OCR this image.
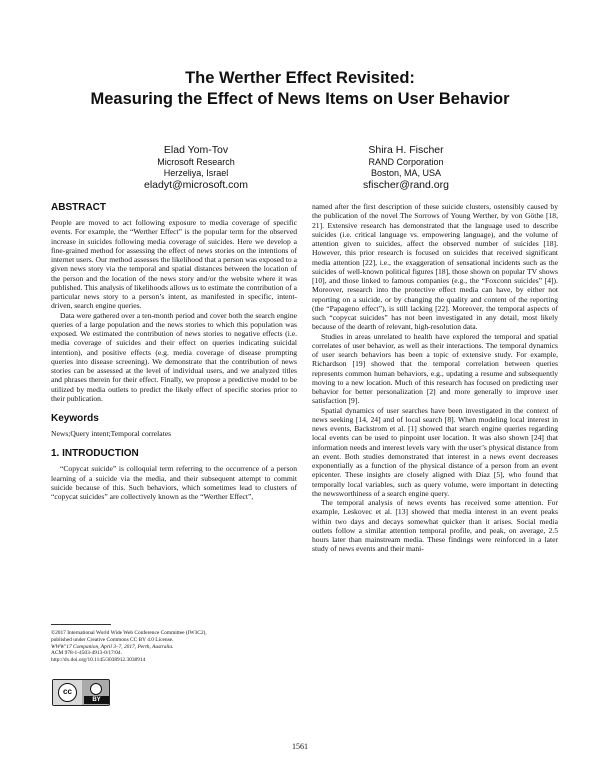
The Werther Effect Revisited:
Measuring the Effect of News Items on User Behavior
Elad Yom-Tov
Microsoft Research
Herzeliya, Israel
eladyt@microsoft.com
Shira H. Fischer
RAND Corporation
Boston, MA, USA
sfischer@rand.org
ABSTRACT

People are moved to act following exposure to media coverage of specific events. For example, the “Werther Effect” is the popular term for the observed increase in suicides following media coverage of suicides. Here we develop a fine-grained method for assessing the effect of news stories on the intentions of internet users. Our method assesses the likelihood that a person was exposed to a given news story via the temporal and spatial distances between the location of the person and the location of the news story and/or the website where it was published. This analysis of likelihoods allows us to estimate the contribution of a particular news story to a person’s intent, as manifested in specific, intent-driven, search engine queries.

Data were gathered over a ten-month period and cover both the search engine queries of a large population and the news stories to which this population was exposed. We estimated the contribution of news stories to negative effects (i.e. media coverage of suicides and their effect on queries indicating suicidal intention), and positive effects (e.g. media coverage of disease prompting queries into disease screening). We demonstrate that the contribution of news stories can be assessed at the level of individual users, and we analyzed titles and phrases therein for their effect. Finally, we propose a predictive model to be utilized by media outlets to predict the likely effect of specific stories prior to their publication.

Keywords

News;Query intent;Temporal correlates

1. INTRODUCTION

“Copycat suicide” is colloquial term referring to the occurrence of a person learning of a suicide via the media, and their subsequent attempt to commit suicide because of this. Such behaviors, which sometimes lead to clusters of “copycat suicides” are collectively known as the “Werther Effect”,

©2017 International World Wide Web Conference Committee (IW3C2),
published under Creative Commons CC BY 4.0 License.
WWW’17 Companion, April 3–7, 2017, Perth, Australia.
ACM 978-1-4503-4913-0/17/04.
http://dx.doi.org/10.1145/3038912.3038914
cc
BY

named after the first description of these suicide clusters, ostensibly caused by the publication of the novel The Sorrows of Young Werther, by von Göthe [18, 21]. Extensive research has demonstrated that the language used to describe suicides (i.e. critical language vs. empowering language), and the volume of attention given to suicides, affect the observed number of suicides [18]. However, this prior research is focused on suicides that received significant media attention [22], i.e., the exaggeration of sensational incidents such as the suicides of well-known political figures [18], those shown on popular TV shows [10], and those linked to famous companies (e.g., the “Foxconn suicides” [4]). Moreover, research into the protective effect media can have, by either not reporting on a suicide, or by changing the quality and content of the reporting (the “Papageno effect”), is still lacking [22]. Moreover, the temporal aspects of such “copycat suicides” has not been investigated in any detail, most likely because of the dearth of relevant, high-resolution data.

Studies in areas unrelated to health have explored the temporal and spatial correlates of user behavior, as well as their interactions. The temporal dynamics of user search behaviors has been a topic of extensive study. For example, Richardson [19] showed that the temporal correlation between queries represents common human behaviors, e.g., updating a resume and subsequently moving to a new location. Much of this research has focused on predicting user behavior for better personalization [2] and more generally to improve user satisfaction [9].

Spatial dynamics of user searches have been investigated in the context of news seeking [14, 24] and of local search [8]. When modeling local interest in news events, Backstrom et al. [1] showed that search engine queries regarding local events can be used to pinpoint user location. It was also shown [24] that information needs and interest levels vary with the user’s physical distance from an event. Both studies demonstrated that interest in a news event decreases exponentially as a function of the physical distance of a person from an event epicenter. These insights are closely aligned with Diaz [5], who found that temporally local variables, such as query volume, were important in detecting the newsworthiness of a search engine query.

The temporal analysis of news events has received some attention. For example, Leskovec et al. [13] showed that media interest in an event peaks within two days and decays somewhat quicker than it arises. Social media outlets follow a similar attention temporal profile, and peak, on average, 2.5 hours later than mainstream media. These findings were reinforced in a later study of news events and their mani-

1561
